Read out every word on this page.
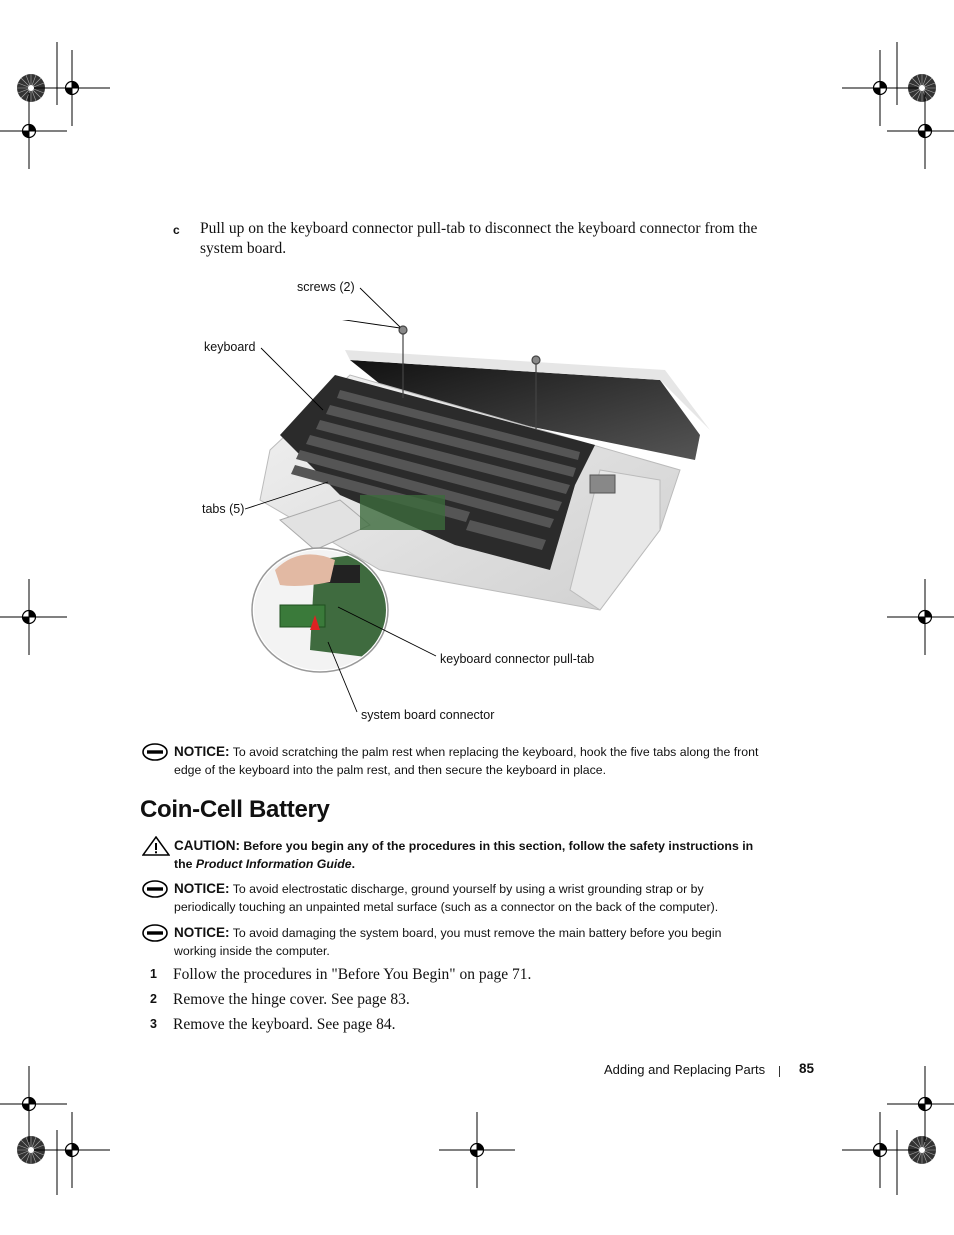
c Pull up on the keyboard connector pull-tab to disconnect the keyboard connector from the system board.
screws (2)
keyboard
tabs (5)
keyboard connector pull-tab
system board connector
NOTICE: To avoid scratching the palm rest when replacing the keyboard, hook the five tabs along the front edge of the keyboard into the palm rest, and then secure the keyboard in place.
Coin-Cell Battery
CAUTION: Before you begin any of the procedures in this section, follow the safety instructions in the Product Information Guide.
NOTICE: To avoid electrostatic discharge, ground yourself by using a wrist grounding strap or by periodically touching an unpainted metal surface (such as a connector on the back of the computer).
NOTICE: To avoid damaging the system board, you must remove the main battery before you begin working inside the computer.
1 Follow the procedures in "Before You Begin" on page 71.
2 Remove the hinge cover. See page 83.
3 Remove the keyboard. See page 84.
Adding and Replacing Parts	85
